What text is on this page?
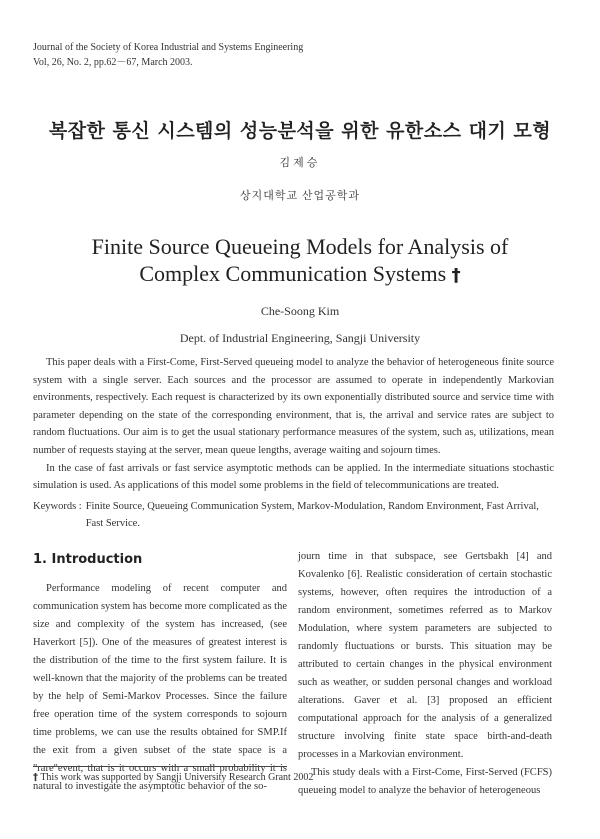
Journal of the Society of Korea Industrial and Systems Engineering
Vol, 26, No. 2, pp.62－67, March 2003.
복잡한 통신 시스템의 성능분석을 위한 유한소스 대기 모형
김제승
상지대학교 산업공학과
Finite Source Queueing Models for Analysis of
Complex Communication Systems †
Che-Soong Kim
Dept. of Industrial Engineering, Sangji University

This paper deals with a First-Come, First-Served queueing model to analyze the behavior of heterogeneous finite source system with a single server. Each sources and the processor are assumed to operate in independently Markovian environments, respectively. Each request is characterized by its own exponentially distributed source and service time with parameter depending on the state of the corresponding environment, that is, the arrival and service rates are subject to random fluctuations. Our aim is to get the usual stationary performance measures of the system, such as, utilizations, mean number of requests staying at the server, mean queue lengths, average waiting and sojourn times.

In the case of fast arrivals or fast service asymptotic methods can be applied. In the intermediate situations stochastic simulation is used. As applications of this model some problems in the field of telecommunications are treated.

Keywords : Finite Source, Queueing Communication System, Markov-Modulation, Random Environment, Fast Arrival, Fast Service.
1. Introduction

Performance modeling of recent computer and communication system has become more complicated as the size and complexity of the system has increased, (see Haverkort [5]). One of the measures of greatest interest is the distribution of the time to the first system failure. It is well-known that the majority of the problems can be treated by the help of Semi-Markov Processes. Since the failure free operation time of the system corresponds to sojourn time problems, we can use the results obtained for SMP.If the exit from a given subset of the state space is a "rare"event, that is it occurs with a small probability it is natural to investigate the asymptotic behavior of the so-

journ time in that subspace, see Gertsbakh [4] and Kovalenko [6]. Realistic consideration of certain stochastic systems, however, often requires the introduction of a random environment, sometimes referred as to Markov Modulation, where system parameters are subjected to randomly fluctuations or bursts. This situation may be attributed to certain changes in the physical environment such as weather, or sudden personal changes and workload alterations. Gaver et al. [3] proposed an efficient computational approach for the analysis of a generalized structure involving finite state space birth-and-death processes in a Markovian environment.

This study deals with a First-Come, First-Served (FCFS) queueing model to analyze the behavior of heterogeneous

† This work was supported by Sangji University Research Grant 2002
